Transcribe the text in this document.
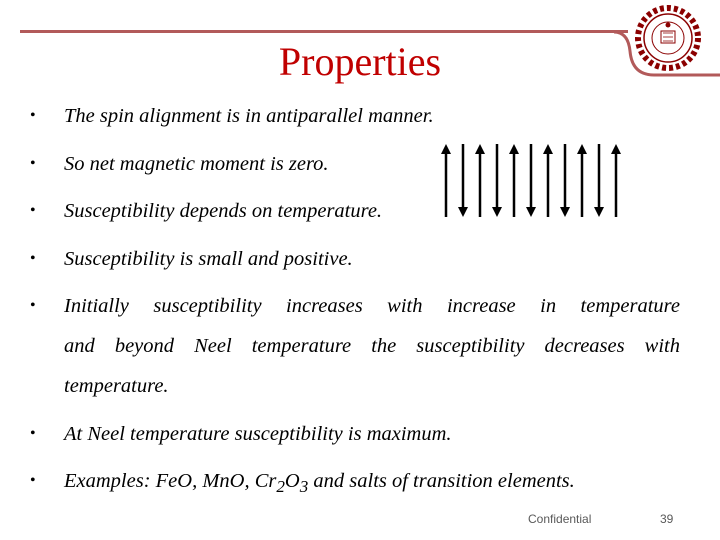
Properties
• The spin alignment is in antiparallel manner.
• So net magnetic moment is zero.
• Susceptibility depends on temperature.
• Susceptibility is small and positive.
• Initially susceptibility increases with increase in temperature
and beyond Neel temperature the susceptibility decreases with
temperature.
• At Neel temperature susceptibility is maximum.
• Examples: FeO, MnO, $Cr_2O_3$ and salts of transition elements.
Confidential	39
